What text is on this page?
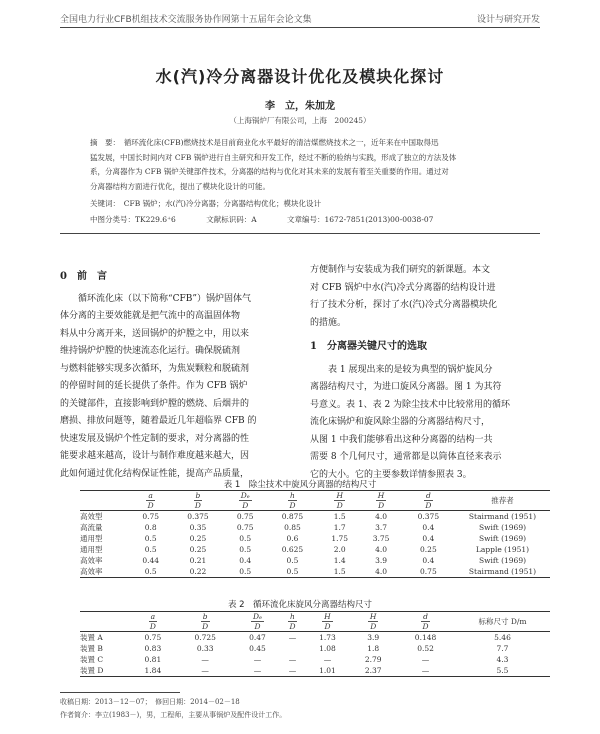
全国电力行业CFB机组技术交流服务协作网第十五届年会论文集	设计与研究开发
水(汽)冷分离器设计优化及模块化探讨
李　立，朱加龙
（上海锅炉厂有限公司，上海　200245）
摘　要：　循环流化床(CFB)燃烧技术是目前商业化水平最好的清洁煤燃烧技术之一，近年来在中国取得迅
猛发展，中国长时间内对 CFB 锅炉进行自主研究和开发工作，经过不断的验纳与实践，形成了独立的方法及体
系，分离器作为 CFB 锅炉关键部件技术，分离器的结构与优化对其未来的发展有着至关重要的作用。通过对
分离器结构方面进行优化，提出了模块化设计的可能。
关键词：　CFB 锅炉；水(汽)冷分离器；分离器结构优化；模块化设计
中图分类号：TK229.6⁺6	文献标识码：A	文章编号：1672-7851(2013)00-0038-07
0　前　言
循环流化床（以下简称“CFB”）锅炉固体气
体分离的主要效能就是把气流中的高温固体物
料从中分离开来，送回锅炉的炉膛之中，用以来
维持锅炉炉膛的快速流态化运行。确保脱硫剂
与燃料能够实现多次循环，为焦炭颗粒和脱硫剂
的停留时间的延长提供了条件。作为 CFB 锅炉
的关键部件，直接影响到炉膛的燃烧、后烟井的
磨损、排放问题等，随着最近几年超临界 CFB 的
快速发展及锅炉个性定制的要求，对分离器的性
能要求越来越高，设计与制作难度越来越大，因
此如何通过优化结构保证性能，提高产品质量，
方便制作与安装成为我们研究的新课题。本文
对 CFB 锅炉中水(汽)冷式分离器的结构设计进
行了技术分析，探讨了水(汽)冷式分离器模块化
的措施。
1　分离器关键尺寸的选取
表 1 展现出来的是较为典型的锅炉旋风分
离器结构尺寸，为进口旋风分离器。图 1 为其符
号意义。表 1、表 2 为除尘技术中比较常用的循环
流化床锅炉和旋风除尘器的分离器结构尺寸，
从图 1 中我们能够看出这种分离器的结构一共
需要 8 个几何尺寸，通常都是以筒体直径来表示
它的大小。它的主要参数详情参照表 3。
表 1　除尘技术中旋风分离器的结构尺寸

	$\frac{a}{D}$	$\frac{b}{D}$	$\frac{\text{Dₑ}}{D}$	$\frac{h}{D}$	$\frac{H}{D}$	$\frac{H}{D}$	$\frac{d}{D}$	推荐者
高效型	0.75	0.375	0.75	0.875	1.5	4.0	0.375	Stairmand (1951)
高流量	0.8	0.35	0.75	0.85	1.7	3.7	0.4	Swift (1969)
通用型	0.5	0.25	0.5	0.6	1.75	3.75	0.4	Swift (1969)
通用型	0.5	0.25	0.5	0.625	2.0	4.0	0.25	Lapple (1951)
高效率	0.44	0.21	0.4	0.5	1.4	3.9	0.4	Swift (1969)
高效率	0.5	0.22	0.5	0.5	1.5	4.0	0.75	Stairmand (1951)
表 2　循环流化床旋风分离器结构尺寸

	$\frac{a}{D}$	$\frac{b}{D}$	$\frac{\text{Dₑ}}{D}$	$\frac{h}{D}$	$\frac{H}{D}$	$\frac{H}{D}$	$\frac{d}{D}$	标称尺寸 D/m
装置 A	0.75	0.725	0.47	—	1.73	3.9	0.148	5.46
装置 B	0.83	0.33	0.45		1.08	1.8	0.52	7.7
装置 C	0.81	—	—	—	—	2.79	—	4.3
装置 D	1.84	—	—	—	1.01	2.37	—	5.5
收稿日期：2013－12－07；　修回日期：2014－02－18
作者简介：李立(1983－)，男，工程师，主要从事锅炉及配件设计工作。
